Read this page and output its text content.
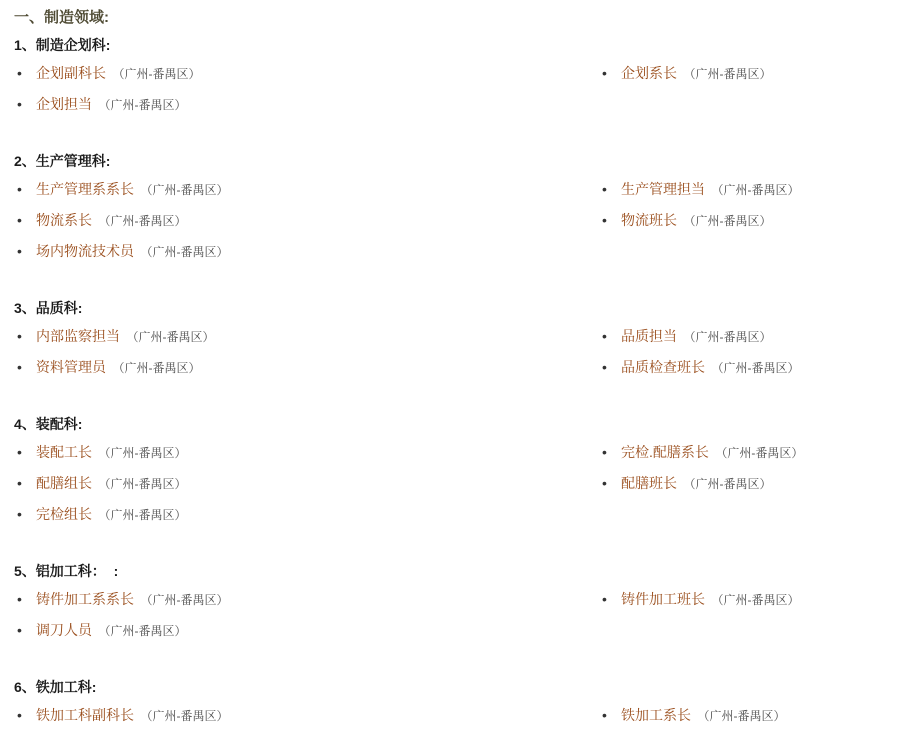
一、制造领域:
1、制造企划科:
• 企划副科长 （广州-番禺区）	• 企划系长 （广州-番禺区）
• 企划担当 （广州-番禺区）
2、生产管理科:
• 生产管理系系长 （广州-番禺区）	• 生产管理担当 （广州-番禺区）
• 物流系长 （广州-番禺区）	• 物流班长 （广州-番禺区）
• 场内物流技术员 （广州-番禺区）
3、品质科:
• 内部监察担当 （广州-番禺区）	• 品质担当 （广州-番禺区）
• 资料管理员 （广州-番禺区）	• 品质检查班长 （广州-番禺区）
4、装配科:
• 装配工长 （广州-番禺区）	• 完检.配膳系长 （广州-番禺区）
• 配膳组长 （广州-番禺区）	• 配膳班长 （广州-番禺区）
• 完检组长 （广州-番禺区）
5、铝加工科：  :
• 铸件加工系系长 （广州-番禺区）	• 铸件加工班长 （广州-番禺区）
• 调刀人员 （广州-番禺区）
6、铁加工科:
• 铁加工科副科长 （广州-番禺区）	• 铁加工系长 （广州-番禺区）
